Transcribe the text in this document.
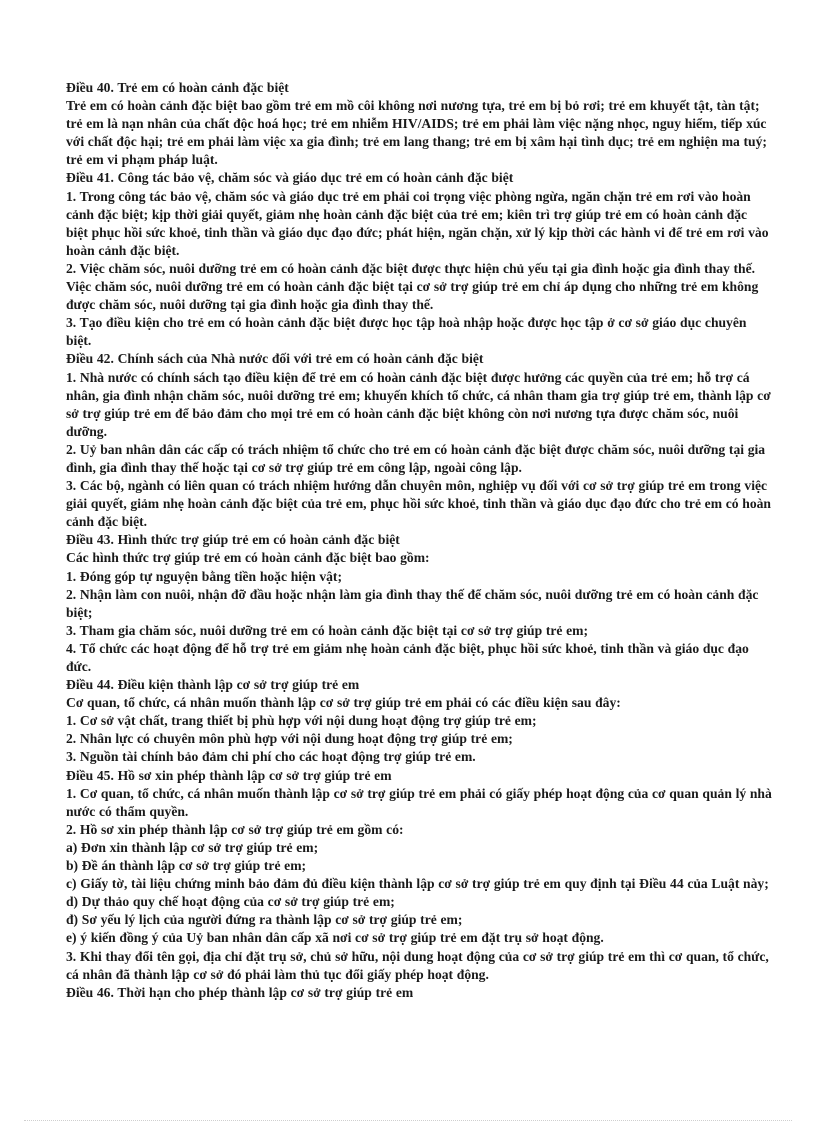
Điều 40. Trẻ em có hoàn cảnh đặc biệt

Trẻ em có hoàn cảnh đặc biệt bao gồm trẻ em mồ côi không nơi nương tựa, trẻ em bị bỏ rơi; trẻ em khuyết tật, tàn tật; trẻ em là nạn nhân của chất độc hoá học; trẻ em nhiễm HIV/AIDS; trẻ em phải làm việc nặng nhọc, nguy hiểm, tiếp xúc với chất độc hại; trẻ em phải làm việc xa gia đình; trẻ em lang thang; trẻ em bị xâm hại tình dục; trẻ em nghiện ma tuý; trẻ em vi phạm pháp luật.

Điều 41. Công tác bảo vệ, chăm sóc và giáo dục trẻ em có hoàn cảnh đặc biệt

1. Trong công tác bảo vệ, chăm sóc và giáo dục trẻ em phải coi trọng việc phòng ngừa, ngăn chặn trẻ em rơi vào hoàn cảnh đặc biệt; kịp thời giải quyết, giảm nhẹ hoàn cảnh đặc biệt của trẻ em; kiên trì trợ giúp trẻ em có hoàn cảnh đặc biệt phục hồi sức khoẻ, tinh thần và giáo dục đạo đức; phát hiện, ngăn chặn, xử lý kịp thời các hành vi để trẻ em rơi vào hoàn cảnh đặc biệt.

2. Việc chăm sóc, nuôi dưỡng trẻ em có hoàn cảnh đặc biệt được thực hiện chủ yếu tại gia đình hoặc gia đình thay thế. Việc chăm sóc, nuôi dưỡng trẻ em có hoàn cảnh đặc biệt tại cơ sở trợ giúp trẻ em chỉ áp dụng cho những trẻ em không được chăm sóc, nuôi dưỡng tại gia đình hoặc gia đình thay thế.

3. Tạo điều kiện cho trẻ em có hoàn cảnh đặc biệt được học tập hoà nhập hoặc được học tập ở cơ sở giáo dục chuyên biệt.

Điều 42. Chính sách của Nhà nước đối với trẻ em có hoàn cảnh đặc biệt

1. Nhà nước có chính sách tạo điều kiện để trẻ em có hoàn cảnh đặc biệt được hưởng các quyền của trẻ em; hỗ trợ cá nhân, gia đình nhận chăm sóc, nuôi dưỡng trẻ em; khuyến khích tổ chức, cá nhân tham gia trợ giúp trẻ em, thành lập cơ sở trợ giúp trẻ em để bảo đảm cho mọi trẻ em có hoàn cảnh đặc biệt không còn nơi nương tựa được chăm sóc, nuôi dưỡng.

2. Uỷ ban nhân dân các cấp có trách nhiệm tổ chức cho trẻ em có hoàn cảnh đặc biệt được chăm sóc, nuôi dưỡng tại gia đình, gia đình thay thế hoặc tại cơ sở trợ giúp trẻ em công lập, ngoài công lập.

3. Các bộ, ngành có liên quan có trách nhiệm hướng dẫn chuyên môn, nghiệp vụ đối với cơ sở trợ giúp trẻ em trong việc giải quyết, giảm nhẹ hoàn cảnh đặc biệt của trẻ em, phục hồi sức khoẻ, tinh thần và giáo dục đạo đức cho trẻ em có hoàn cảnh đặc biệt.

Điều 43. Hình thức trợ giúp trẻ em có hoàn cảnh đặc biệt

Các hình thức trợ giúp trẻ em có hoàn cảnh đặc biệt bao gồm:

1. Đóng góp tự nguyện bằng tiền hoặc hiện vật;

2. Nhận làm con nuôi, nhận đỡ đầu hoặc nhận làm gia đình thay thế để chăm sóc, nuôi dưỡng trẻ em có hoàn cảnh đặc biệt;

3. Tham gia chăm sóc, nuôi dưỡng trẻ em có hoàn cảnh đặc biệt tại cơ sở trợ giúp trẻ em;

4. Tổ chức các hoạt động để hỗ trợ trẻ em giảm nhẹ hoàn cảnh đặc biệt, phục hồi sức khoẻ, tinh thần và giáo dục đạo đức.

Điều 44. Điều kiện thành lập cơ sở trợ giúp trẻ em

Cơ quan, tổ chức, cá nhân muốn thành lập cơ sở trợ giúp trẻ em phải có các điều kiện sau đây:

1. Cơ sở vật chất, trang thiết bị phù hợp với nội dung hoạt động trợ giúp trẻ em;

2. Nhân lực có chuyên môn phù hợp với nội dung hoạt động trợ giúp trẻ em;

3. Nguồn tài chính bảo đảm chi phí cho các hoạt động trợ giúp trẻ em.

Điều 45. Hồ sơ xin phép thành lập cơ sở trợ giúp trẻ em

1. Cơ quan, tổ chức, cá nhân muốn thành lập cơ sở trợ giúp trẻ em phải có giấy phép hoạt động của cơ quan quản lý nhà nước có thẩm quyền.

2. Hồ sơ xin phép thành lập cơ sở trợ giúp trẻ em gồm có:

a) Đơn xin thành lập cơ sở trợ giúp trẻ em;

b) Đề án thành lập cơ sở trợ giúp trẻ em;

c) Giấy tờ, tài liệu chứng minh bảo đảm đủ điều kiện thành lập cơ sở trợ giúp trẻ em quy định tại Điều 44 của Luật này;

d) Dự thảo quy chế hoạt động của cơ sở trợ giúp trẻ em;

đ) Sơ yếu lý lịch của người đứng ra thành lập cơ sở trợ giúp trẻ em;

e) ý kiến đồng ý của Uỷ ban nhân dân cấp xã nơi cơ sở trợ giúp trẻ em đặt trụ sở hoạt động.

3. Khi thay đổi tên gọi, địa chỉ đặt trụ sở, chủ sở hữu, nội dung hoạt động của cơ sở trợ giúp trẻ em thì cơ quan, tổ chức, cá nhân đã thành lập cơ sở đó phải làm thủ tục đổi giấy phép hoạt động.

Điều 46. Thời hạn cho phép thành lập cơ sở trợ giúp trẻ em
